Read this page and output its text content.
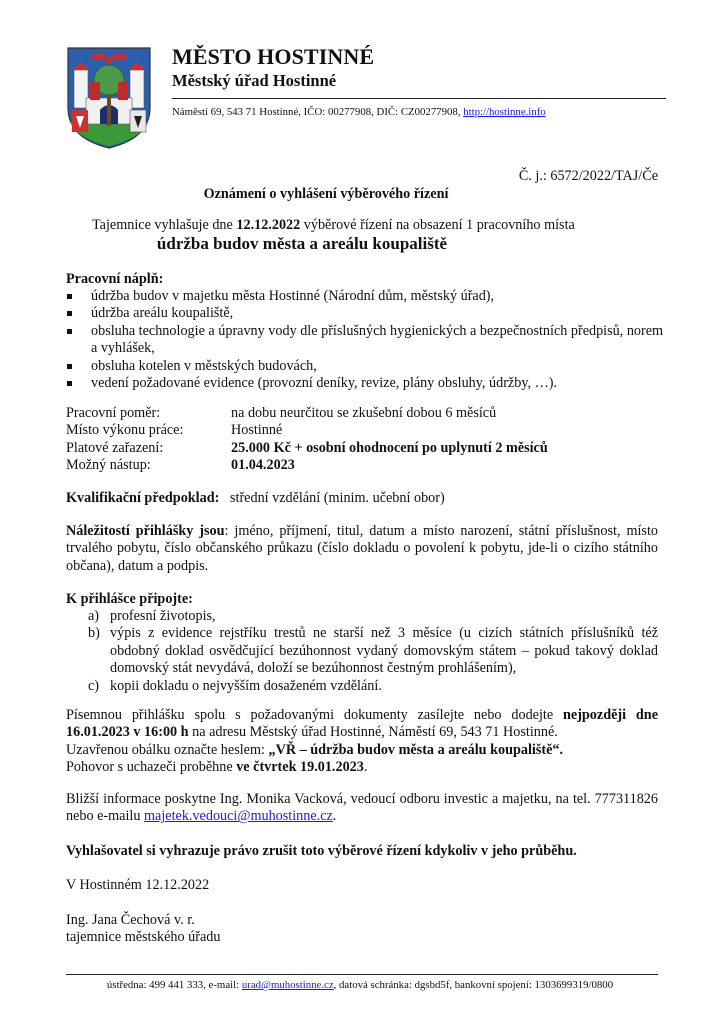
MĚSTO HOSTINNÉ
Městský úřad Hostinné
Náměstí 69, 543 71 Hostinné, IČO: 00277908, DIČ: CZ00277908, http://hostinne.info
Č. j.: 6572/2022/TAJ/Če
Oznámení o vyhlášení výběrového řízení
Tajemnice vyhlašuje dne 12.12.2022 výběrové řízení na obsazení 1 pracovního místa
údržba budov města a areálu koupaliště
Pracovní náplň:
údržba budov v majetku města Hostinné (Národní dům, městský úřad),
údržba areálu koupaliště,
obsluha technologie a úpravny vody dle příslušných hygienických a bezpečnostních předpisů, norem a vyhlášek,
obsluha kotelen v městských budovách,
vedení požadované evidence (provozní deníky, revize, plány obsluhy, údržby, …).
Pracovní poměr:	na dobu neurčitou se zkušební dobou 6 měsíců
Místo výkonu práce:	Hostinné
Platové zařazení:	25.000 Kč + osobní ohodnocení po uplynutí 2 měsíců
Možný nástup:	01.04.2023
Kvalifikační předpoklad: střední vzdělání (minim. učební obor)
Náležitostí přihlášky jsou: jméno, příjmení, titul, datum a místo narození, státní příslušnost, místo trvalého pobytu, číslo občanského průkazu (číslo dokladu o povolení k pobytu, jde-li o cizího státního občana), datum a podpis.
K přihlášce připojte:
a) profesní životopis,
b) výpis z evidence rejstříku trestů ne starší než 3 měsíce (u cizích státních příslušníků též obdobný doklad osvědčující bezúhonnost vydaný domovským státem – pokud takový doklad domovský stát nevydává, doloží se bezúhonnost čestným prohlášením),
c) kopii dokladu o nejvyšším dosaženém vzdělání.
Písemnou přihlášku spolu s požadovanými dokumenty zasílejte nebo dodejte nejpozději dne 16.01.2023 v 16:00 h na adresu Městský úřad Hostinné, Náměstí 69, 543 71 Hostinné.
Uzavřenou obálku označte heslem: „VŘ – údržba budov města a areálu koupaliště“.
Pohovor s uchazeči proběhne ve čtvrtek 19.01.2023.
Bližší informace poskytne Ing. Monika Vacková, vedoucí odboru investic a majetku, na tel. 777311826 nebo e-mailu majetek.vedouci@muhostinne.cz.
Vyhlašovatel si vyhrazuje právo zrušit toto výběrové řízení kdykoliv v jeho průběhu.
V Hostinném 12.12.2022
Ing. Jana Čechová v. r.
tajemnice městského úřadu
ústředna: 499 441 333, e-mail: urad@muhostinne.cz, datová schránka: dgsbd5f, bankovní spojení: 1303699319/0800
